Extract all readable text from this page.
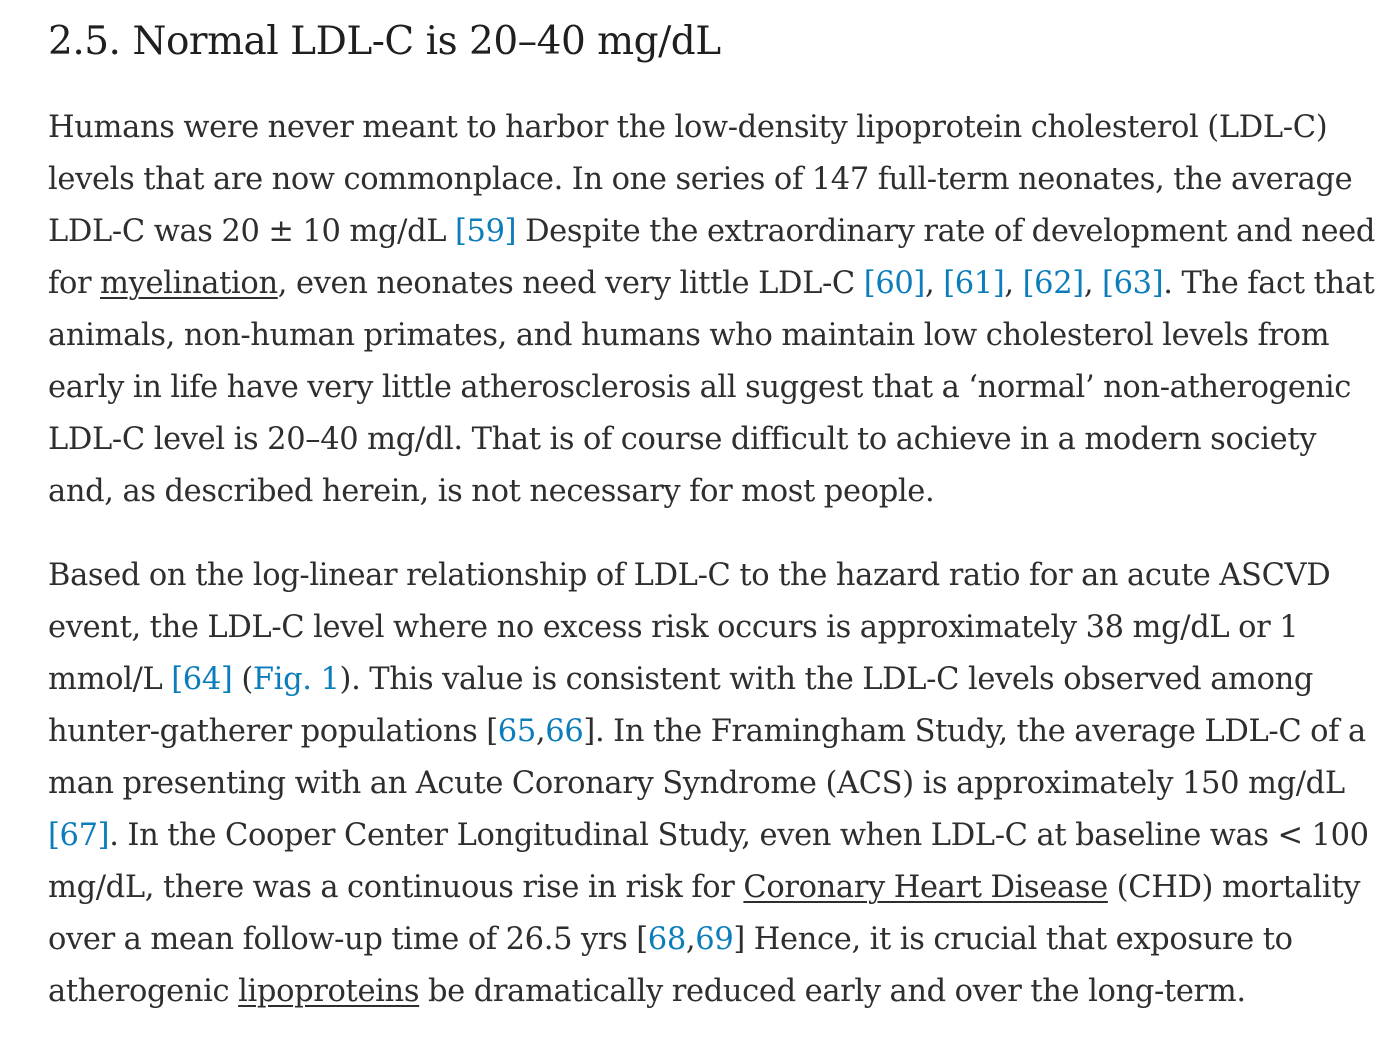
2.5. Normal LDL-C is 20–40 mg/dL

Humans were never meant to harbor the low-density lipoprotein cholesterol (LDL-C) levels that are now commonplace. In one series of 147 full-term neonates, the average LDL-C was 20 ± 10 mg/dL [59] Despite the extraordinary rate of development and need for myelination, even neonates need very little LDL-C [60], [61], [62], [63]. The fact that animals, non-human primates, and humans who maintain low cholesterol levels from early in life have very little atherosclerosis all suggest that a ‘normal’ non-atherogenic LDL-C level is 20–40 mg/dl. That is of course difficult to achieve in a modern society and, as described herein, is not necessary for most people.

Based on the log-linear relationship of LDL-C to the hazard ratio for an acute ASCVD event, the LDL-C level where no excess risk occurs is approximately 38 mg/dL or 1 mmol/L [64] (Fig. 1). This value is consistent with the LDL-C levels observed among hunter-gatherer populations [65,66]. In the Framingham Study, the average LDL-C of a man presenting with an Acute Coronary Syndrome (ACS) is approximately 150 mg/dL [67]. In the Cooper Center Longitudinal Study, even when LDL-C at baseline was < 100 mg/dL, there was a continuous rise in risk for Coronary Heart Disease (CHD) mortality over a mean follow-up time of 26.5 yrs [68,69] Hence, it is crucial that exposure to atherogenic lipoproteins be dramatically reduced early and over the long-term.
